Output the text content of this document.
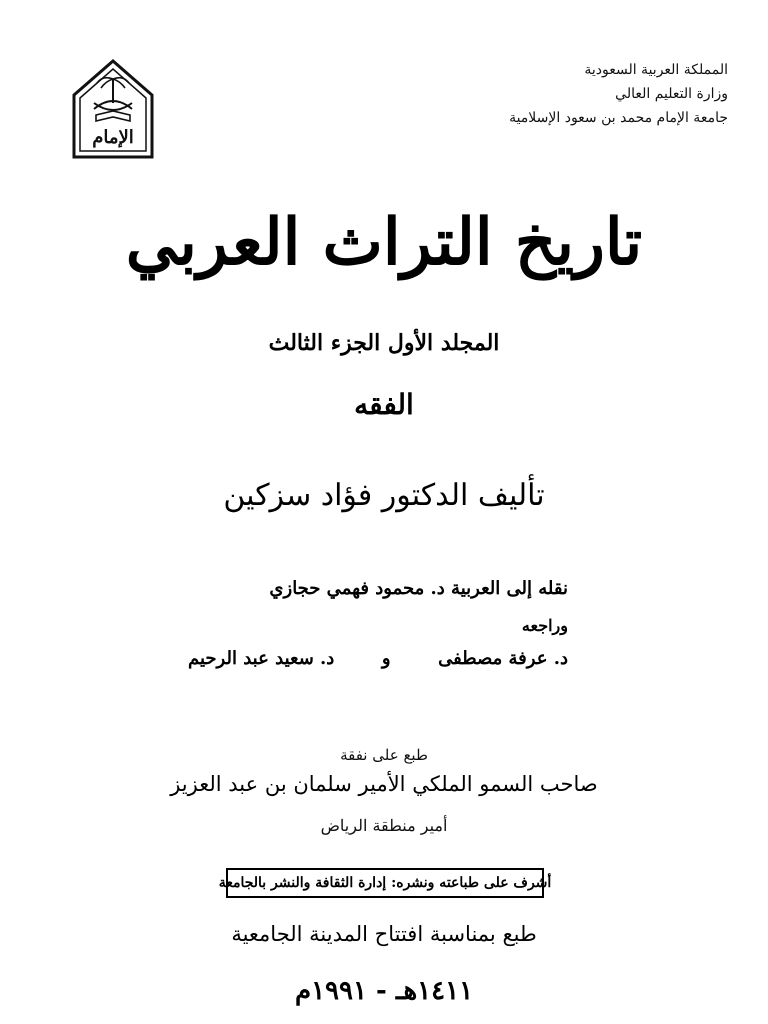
الإمام
المملكة العربية السعودية
وزارة التعليم العالي
جامعة الإمام محمد بن سعود الإسلامية
تاريخ التراث العربي
المجلد الأول الجزء الثالث
الفقه
تأليف الدكتور فؤاد سزكين
نقله إلى العربية د. محمود فهمي حجازي
وراجعه
د. عرفة مصطفى
و
د. سعيد عبد الرحيم
طبع على نفقة
صاحب السمو الملكي الأمير سلمان بن عبد العزيز
أمير منطقة الرياض
أشرف على طباعته ونشره: إدارة الثقافة والنشر بالجامعة
طبع بمناسبة افتتاح المدينة الجامعية
١٤١١هـ - ١٩٩١م
